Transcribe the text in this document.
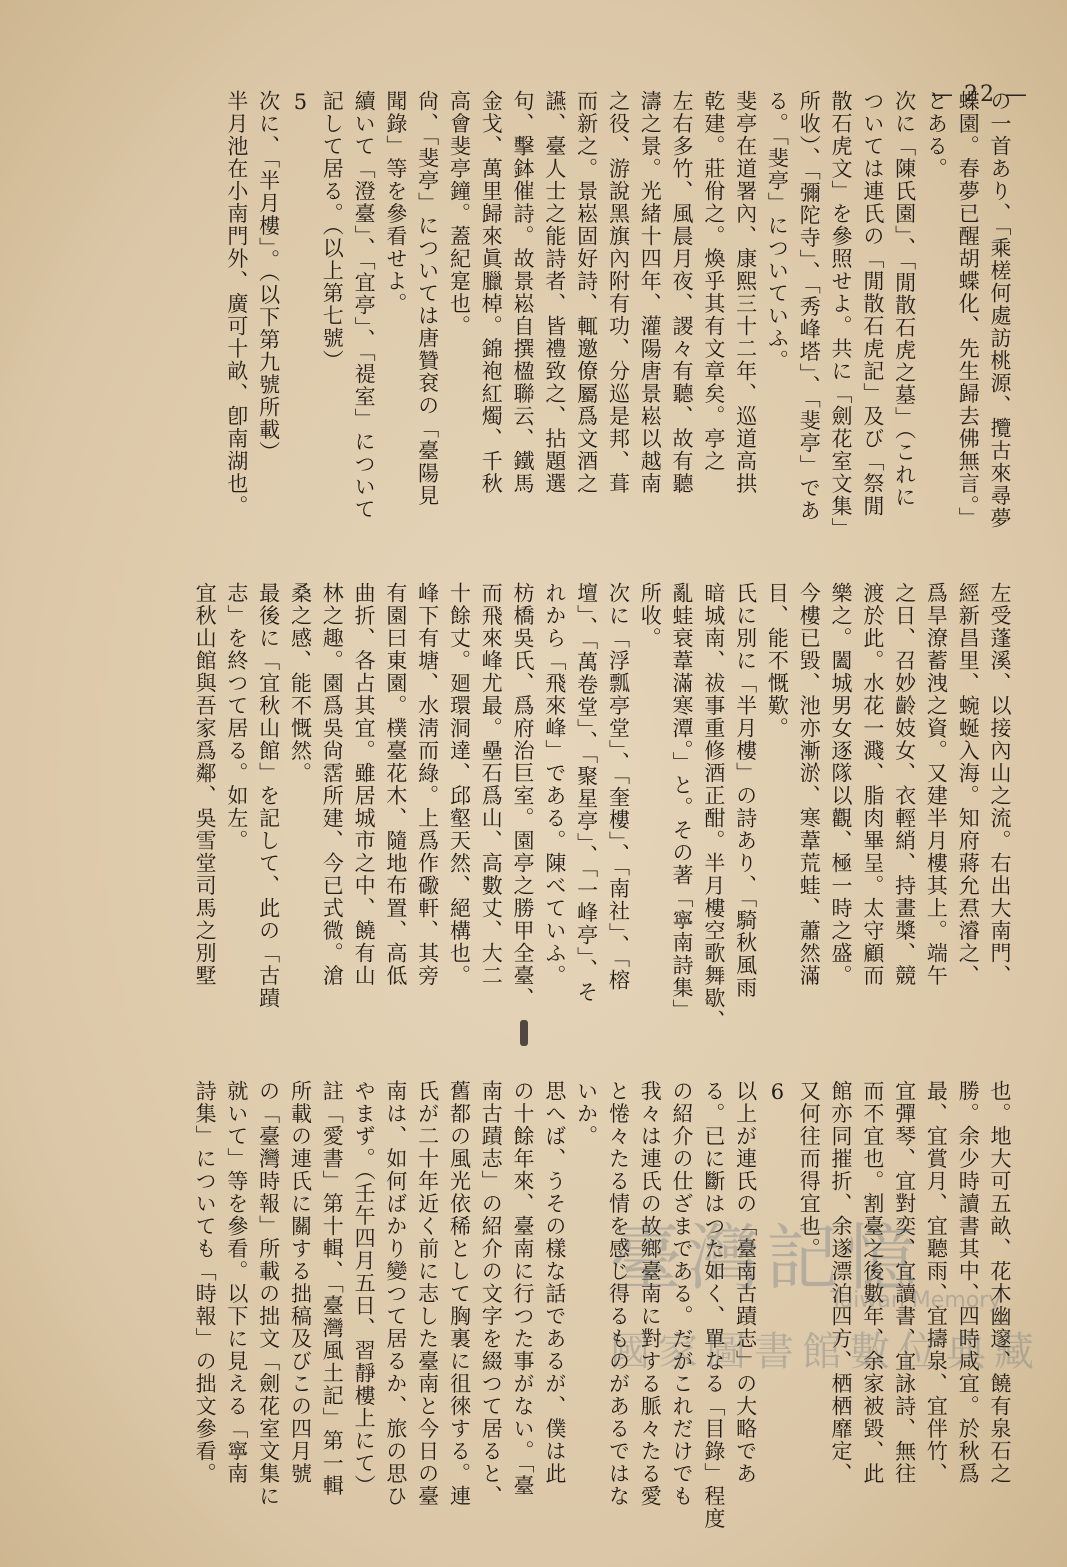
— 22 —
の一首あり、「乘槎何處訪桃源、攬古來尋夢
蝶園。春夢已醒胡蝶化、先生歸去佛無言。」
とある。
次に「陳氏園」、「閒散石虎之墓」（これに
ついては連氏の「閒散石虎記」及び「祭閒
散石虎文」を參照せよ。共に「劍花室文集」
所收）、「彌陀寺」、「秀峰塔」、「斐亭」であ
る。「斐亭」についていふ。
斐亭在道署內、康熙三十二年、巡道高拱
乾建。莊佾之。煥乎其有文章矣。亭之
左右多竹、風晨月夜、謖々有聽、故有聽
濤之景。光緒十四年、灌陽唐景崧以越南
之役、游說黑旗內附有功、分巡是邦、葺
而新之。景崧固好詩、輒邀僚屬爲文酒之
讌、臺人士之能詩者、皆禮致之、拈題選
句、擊鉢催詩。故景崧自撰楹聯云、鐵馬
金戈、萬里歸來眞臘棹。錦袍紅燭、千秋
高會斐亭鐘。蓋紀寔也。
尙、「斐亭」については唐贊袞の「臺陽見
聞錄」等を參看せよ。
續いて「澄臺」、「宜亭」、「禔室」について
記して居る。（以上第七號）
5
次に、「半月樓」。（以下第九號所載）
半月池在小南門外、廣可十畝、卽南湖也。
左受蓬溪、以接內山之流。右出大南門、
經新昌里、蜿蜒入海。知府蔣允焄濬之、
爲旱潦蓄洩之資。又建半月樓其上。端午
之日、召妙齡妓女、衣輕綃、持畫槳、競
渡於此。水花一濺、脂肉畢呈。太守顧而
樂之。闔城男女逐隊以觀、極一時之盛。
今樓已毀、池亦漸淤、寒葦荒蛙、蕭然滿
目、能不慨歎。
氏に別に「半月樓」の詩あり、「騎秋風雨
暗城南、祓事重修酒正酣。半月樓空歌舞歇、
亂蛙衰葦滿寒潭。」と。その著「寧南詩集」
所收。
次に「浮瓢亭堂」、「奎樓」、「南社」、「榕
壇」、「萬卷堂」、「聚星亭」、「一峰亭」、そ
れから「飛來峰」である。陳べていふ。
枋橋吳氏、爲府治巨室。園亭之勝甲全臺、
而飛來峰尤最。壘石爲山、高數丈、大二
十餘丈。廻環洞達、邱壑天然、絕構也。
峰下有塘、水淸而綠。上爲作礮軒、其旁
有園曰東園。樸臺花木、隨地布置、高低
曲折、各占其宜。雖居城市之中、饒有山
林之趣。園爲吳尙霑所建、今已式微。滄
桑之感、能不慨然。
最後に「宜秋山館」を記して、此の「古蹟
志」を終つて居る。如左。
宜秋山館與吾家爲鄰、吳雪堂司馬之別墅
也。地大可五畝、花木幽邃、饒有泉石之
勝。余少時讀書其中、四時咸宜。於秋爲
最、宜賞月、宜聽雨、宜擣泉、宜伴竹、
宜彈琴、宜對奕、宜讀書、宜詠詩、無往
而不宜也。割臺之後數年、余家被毀、此
館亦同摧折、余遂漂泊四方、栖栖靡定、
又何往而得宜也。
6
以上が連氏の「臺南古蹟志」の大略であ
る。已に斷はつた如く、單なる「目錄」程度
の紹介の仕ざまである。だがこれだけでも
我々は連氏の故鄉臺南に對する脈々たる愛
と惓々たる情を感じ得るものがあるではな
いか。
思へば、うその樣な話であるが、僕は此
の十餘年來、臺南に行つた事がない。「臺
南古蹟志」の紹介の文字を綴つて居ると、
舊都の風光依稀として胸裏に徂徠する。連
氏が二十年近く前に志した臺南と今日の臺
南は、如何ばかり變つて居るか、旅の思ひ
やまず。（壬午四月五日、習靜樓上にて）
註「愛書」第十輯、「臺灣風土記」第一輯
所載の連氏に關する拙稿及びこの四月號
の「臺灣時報」所載の拙文「劍花室文集に
就いて」等を參看。以下に見える「寧南
詩集」についても「時報」の拙文參看。	臺灣記憶
Taiwan Memory
國家圖書館數位典藏
